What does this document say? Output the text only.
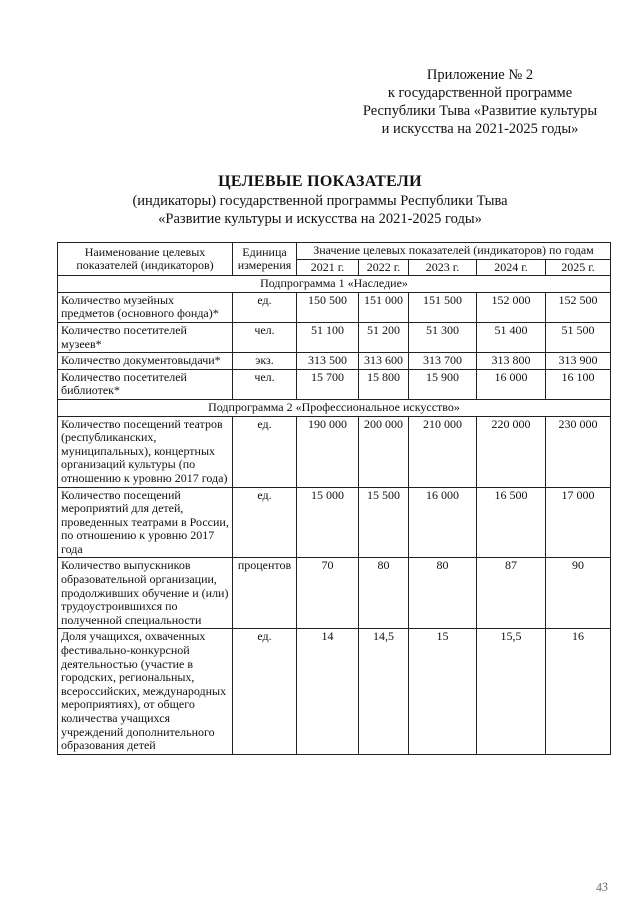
Приложение № 2
к государственной программе
Республики Тыва «Развитие культуры
и искусства на 2021-2025 годы»
ЦЕЛЕВЫЕ ПОКАЗАТЕЛИ
(индикаторы) государственной программы Республики Тыва
«Развитие культуры и искусства на 2021-2025 годы»
Наименование целевых показателей (индикаторов)	Единица измерения	Значение целевых показателей (индикаторов) по годам				
		2021 г.	2022 г.	2023 г.	2024 г.	2025 г.
Подпрограмма 1 «Наследие»						
Количество музейных предметов (основного фонда)*	ед.	150 500	151 000	151 500	152 000	152 500
Количество посетителей музеев*	чел.	51 100	51 200	51 300	51 400	51 500
Количество документовыдачи*	экз.	313 500	313 600	313 700	313 800	313 900
Количество посетителей библиотек*	чел.	15 700	15 800	15 900	16 000	16 100
Подпрограмма 2 «Профессиональное искусство»						
Количество посещений театров (республиканских, муниципальных), концертных организаций культуры (по отношению к уровню 2017 года)	ед.	190 000	200 000	210 000	220 000	230 000
Количество посещений мероприятий для детей, проведенных театрами в России, по отношению к уровню 2017 года	ед.	15 000	15 500	16 000	16 500	17 000
Количество выпускников образовательной организации, продолживших обучение и (или) трудоустроившихся по полученной специальности	процентов	70	80	80	87	90
Доля учащихся, охваченных фестивально-конкурсной деятельностью (участие в городских, региональных, всероссийских, международных мероприятиях), от общего количества учащихся учреждений дополнительного образования детей	ед.	14	14,5	15	15,5	16
43
